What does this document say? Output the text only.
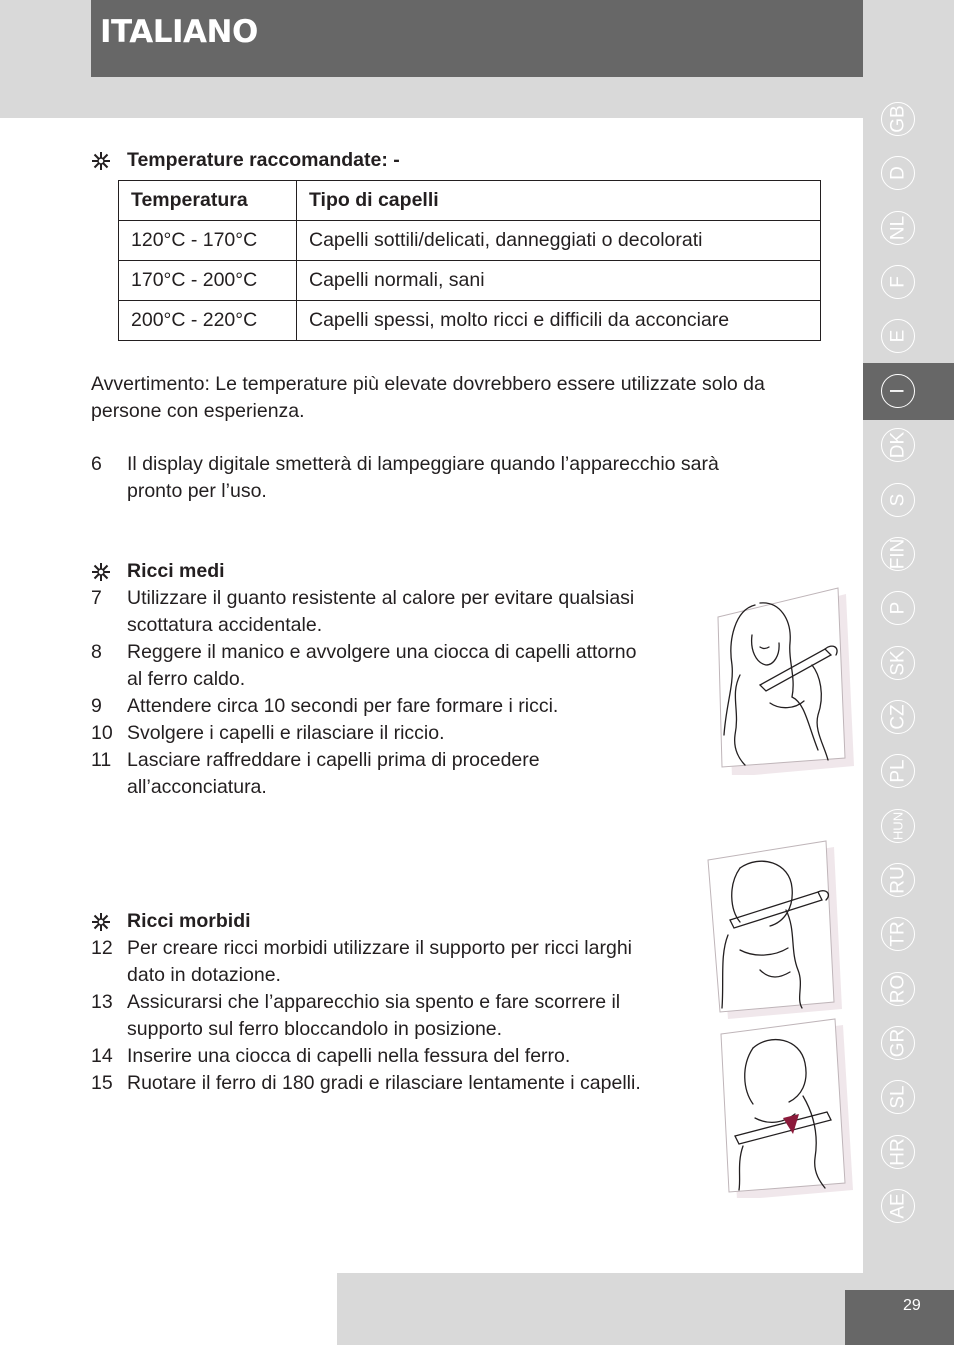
ITALIANO
GB
D
NL
F
E
I
DK
S
FIN
P
SK
CZ
PL
HUN
RU
TR
RO
GR
SL
HR
AE
29
Temperature raccomandate: -
Temperatura	Tipo di capelli
120°C - 170°C	Capelli sottili/delicati, danneggiati o decolorati
170°C - 200°C	Capelli normali, sani
200°C - 220°C	Capelli spessi, molto ricci e difficili da acconciare
Avvertimento: Le temperature più elevate dovrebbero essere utilizzate solo da
persone con esperienza.
6 Il display digitale smetterà di lampeggiare quando l’apparecchio sarà
pronto per l’uso.
Ricci medi
7 Utilizzare il guanto resistente al calore per evitare qualsiasi
scottatura accidentale.
8 Reggere il manico e avvolgere una ciocca di capelli attorno
al ferro caldo.
9 Attendere circa 10 secondi per fare formare i ricci.
10 Svolgere i capelli e rilasciare il riccio.
11 Lasciare raffreddare i capelli prima di procedere
all’acconciatura.
Ricci morbidi
12 Per creare ricci morbidi utilizzare il supporto per ricci larghi
dato in dotazione.
13 Assicurarsi che l’apparecchio sia spento e fare scorrere il
supporto sul ferro bloccandolo in posizione.
14 Inserire una ciocca di capelli nella fessura del ferro.
15 Ruotare il ferro di 180 gradi e rilasciare lentamente i capelli.
